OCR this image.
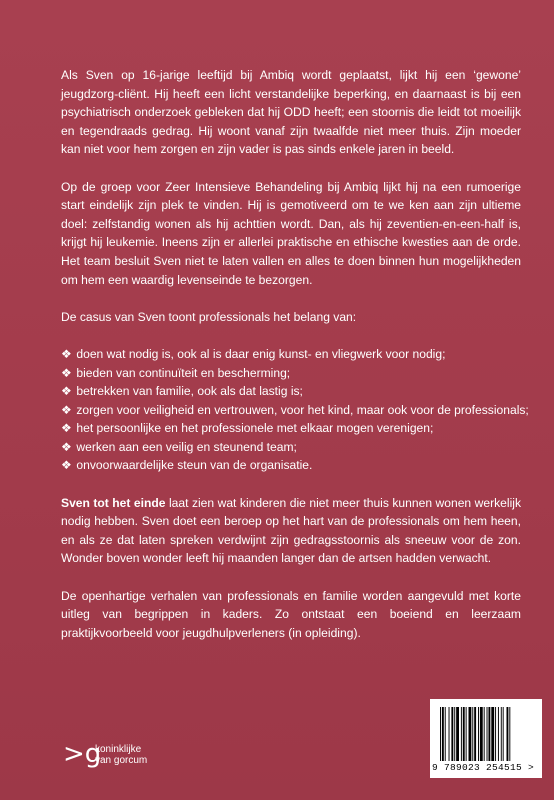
Als Sven op 16-jarige leeftijd bij Ambiq wordt geplaatst, lijkt hij een ‘gewone’ jeugdzorg-cliënt. Hij heeft een licht verstandelijke beperking, en daarnaast is bij een psychiatrisch onderzoek gebleken dat hij ODD heeft; een stoornis die leidt tot moeilijk en tegendraads gedrag. Hij woont vanaf zijn twaalfde niet meer thuis. Zijn moeder kan niet voor hem zorgen en zijn vader is pas sinds enkele jaren in beeld.

Op de groep voor Zeer Intensieve Behandeling bij Ambiq lijkt hij na een rumoerige start eindelijk zijn plek te vinden. Hij is gemotiveerd om te we ken aan zijn ultieme doel: zelfstandig wonen als hij achttien wordt. Dan, als hij zeventien-en-een-half is, krijgt hij leukemie. Ineens zijn er allerlei praktische en ethische kwesties aan de orde. Het team besluit Sven niet te laten vallen en alles te doen binnen hun mogelijkheden om hem een waardig levenseinde te bezorgen.

De casus van Sven toont professionals het belang van:

❖ doen wat nodig is, ook al is daar enig kunst- en vliegwerk voor nodig;
❖ bieden van continuïteit en bescherming;
❖ betrekken van familie, ook als dat lastig is;
❖ zorgen voor veiligheid en vertrouwen, voor het kind, maar ook voor de professionals;
❖ het persoonlijke en het professionele met elkaar mogen verenigen;
❖ werken aan een veilig en steunend team;
❖ onvoorwaardelijke steun van de organisatie.

Sven tot het einde laat zien wat kinderen die niet meer thuis kunnen wonen werkelijk nodig hebben. Sven doet een beroep op het hart van de professionals om hem heen, en als ze dat laten spreken verdwijnt zijn gedragsstoornis als sneeuw voor de zon. Wonder boven wonder leeft hij maanden langer dan de artsen hadden verwacht.

De openhartige verhalen van professionals en familie worden aangevuld met korte uitleg van begrippen in kaders. Zo ontstaat een boeiend en leerzaam praktijkvoorbeeld voor jeugdhulpverleners (in opleiding).

>g
koninklijke
van gorcum
9 789023 254515 >
